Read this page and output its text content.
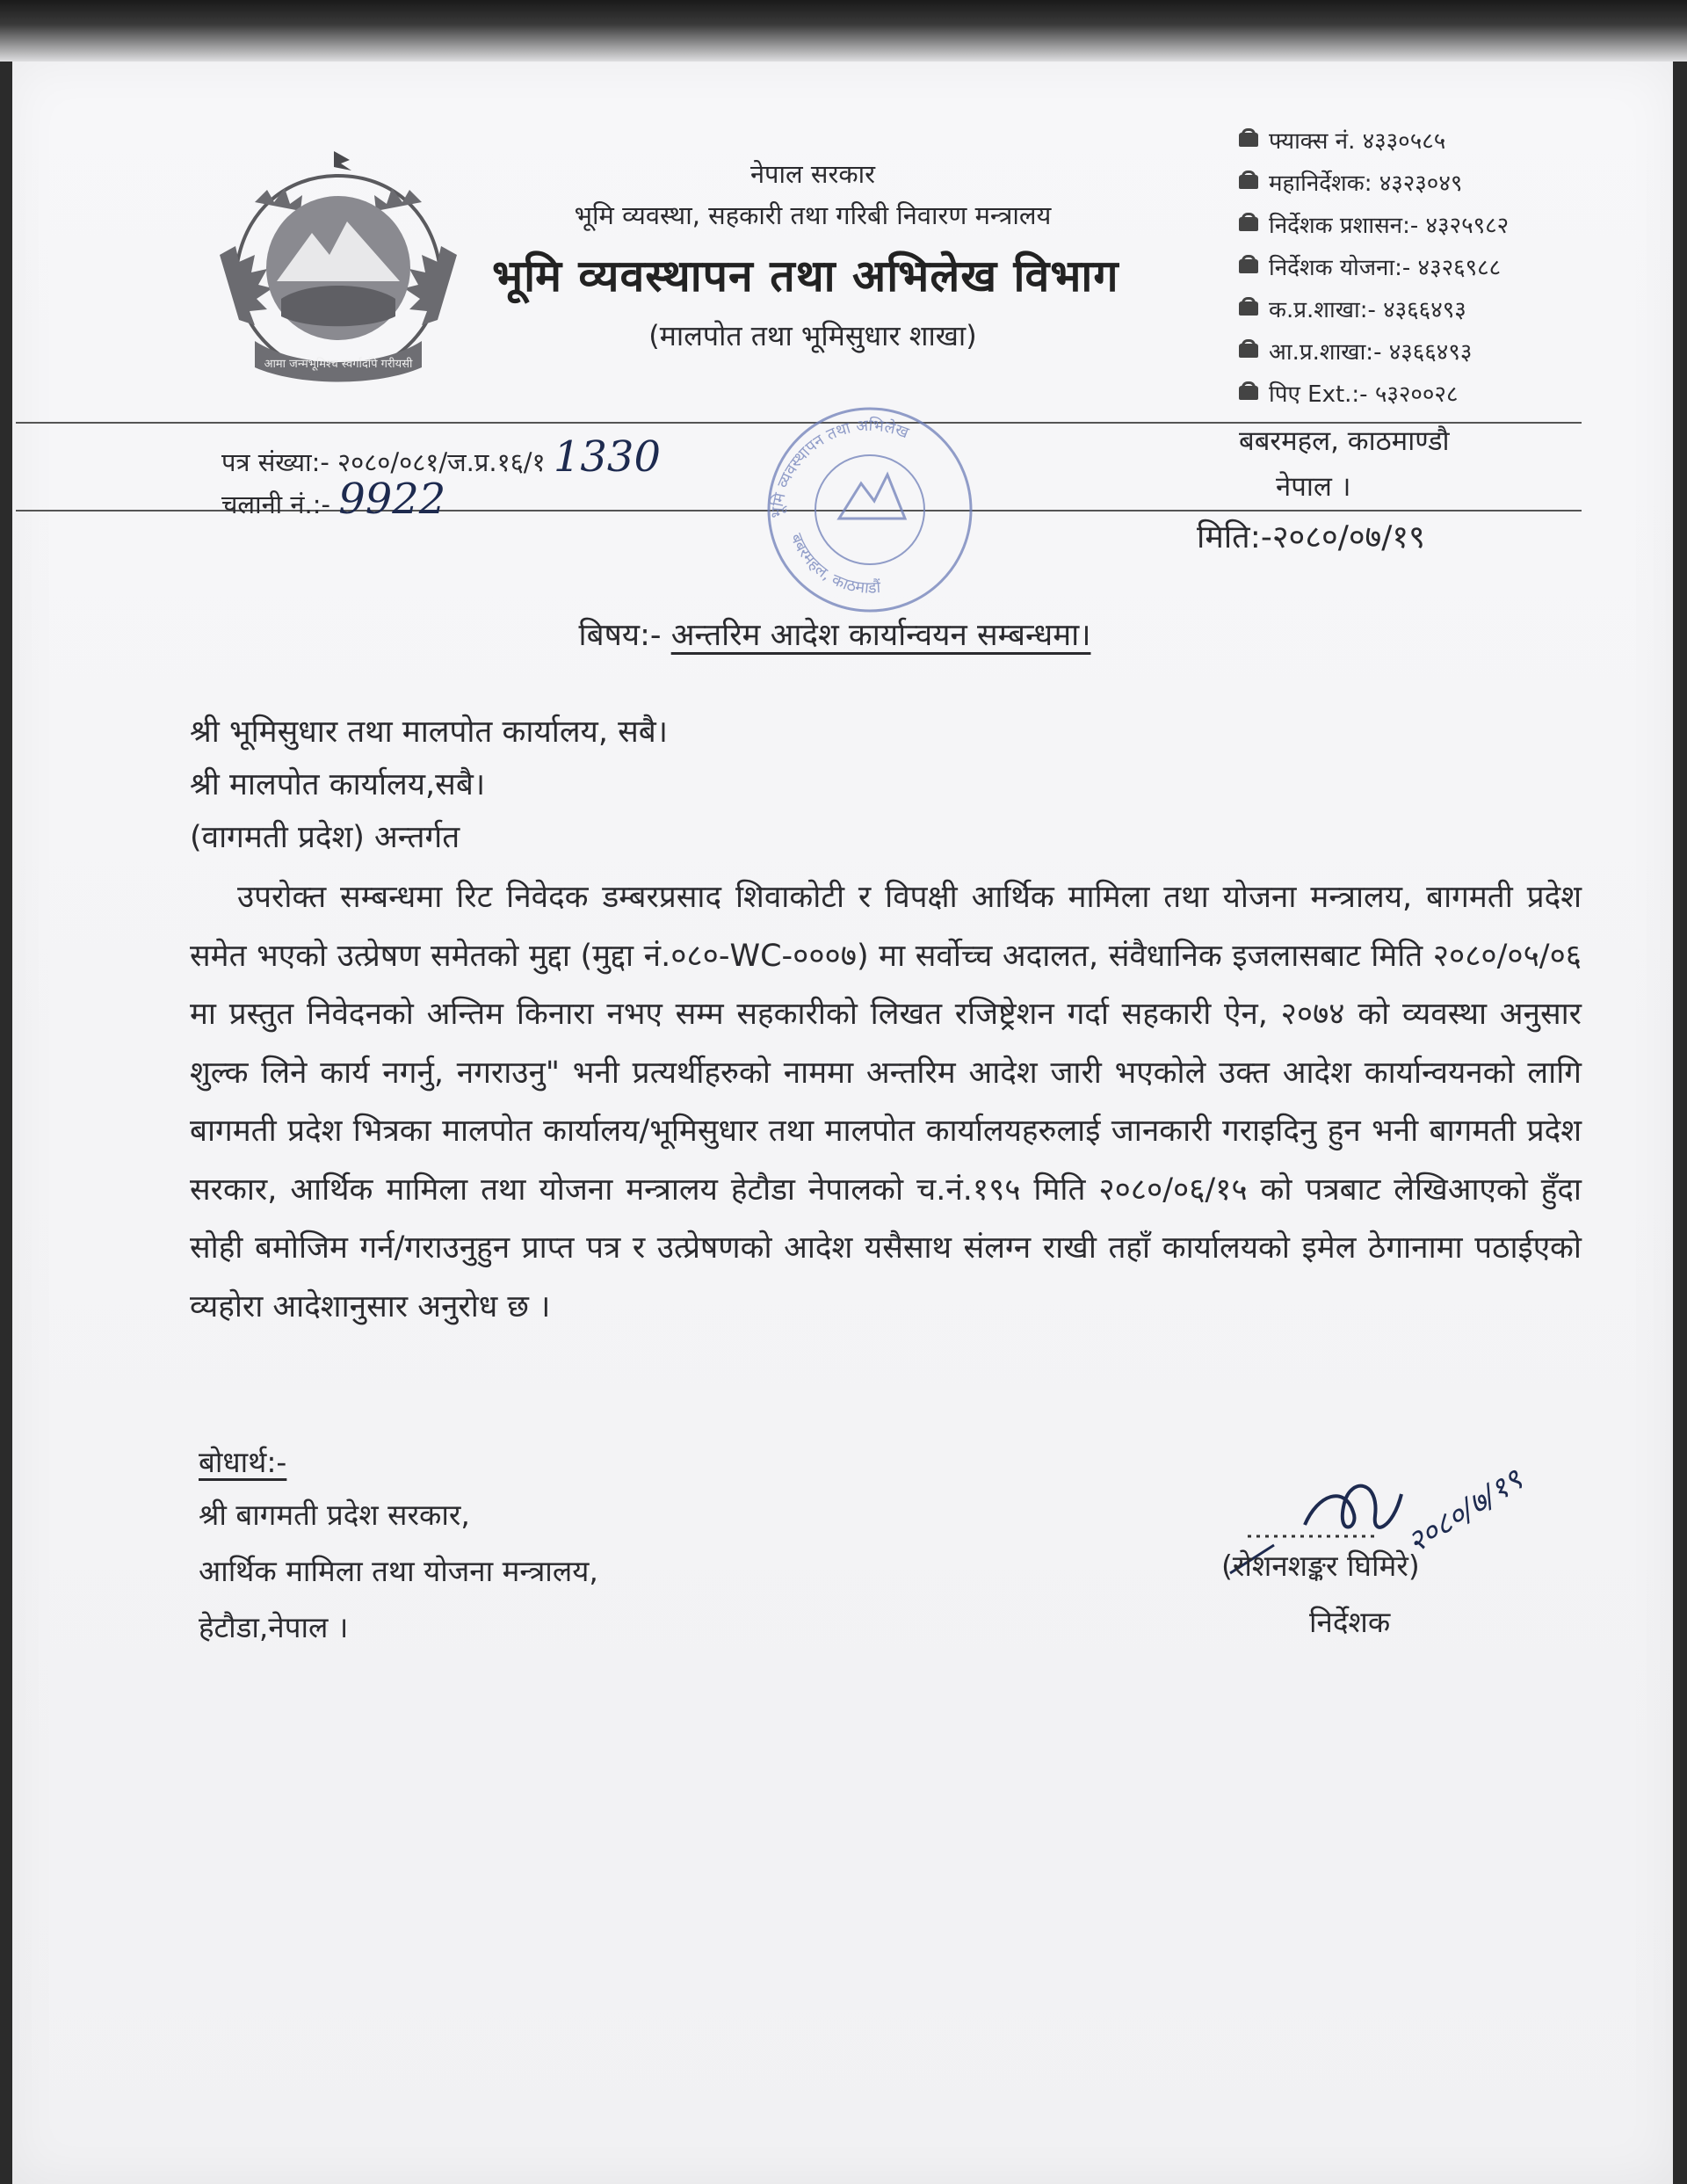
आमा जन्मभूमिश्च स्वर्गादपि गरीयसी
नेपाल सरकार
भूमि व्यवस्था, सहकारी तथा गरिबी निवारण मन्त्रालय
भूमि व्यवस्थापन तथा अभिलेख विभाग
(मालपोत तथा भूमिसुधार शाखा)
फ्याक्स नं. ४३३०५८५
महानिर्देशक: ४३२३०४९
निर्देशक प्रशासन:- ४३२५९८२
निर्देशक योजना:- ४३२६९८८
क.प्र.शाखा:- ४३६६४९३
आ.प्र.शाखा:- ४३६६४९३
पिए Ext.:- ५३२००२८
पत्र संख्या:- २०८०/०८१/ज.प्र.१६/१ 1330
चलानी नं.:- 9922
बबरमहल, काठमाण्डौ
नेपाल ।
मिति:-२०८०/०७/१९
भूमि व्यवस्थापन तथा अभिलेख
बबरमहल, काठमाडौं
बिषय:- अन्तरिम आदेश कार्यान्वयन सम्बन्धमा।
श्री भूमिसुधार तथा मालपोत कार्यालय, सबै।
श्री मालपोत कार्यालय,सबै।
(वागमती प्रदेश) अन्तर्गत
उपरोक्त सम्बन्धमा रिट निवेदक डम्बरप्रसाद शिवाकोटी र विपक्षी आर्थिक मामिला तथा योजना मन्त्रालय, बागमती प्रदेश समेत भएको उत्प्रेषण समेतको मुद्दा (मुद्दा नं.०८०-WC-०००७) मा सर्वोच्च अदालत, संवैधानिक इजलासबाट मिति २०८०/०५/०६ मा प्रस्तुत निवेदनको अन्तिम किनारा नभए सम्म सहकारीको लिखत रजिष्ट्रेशन गर्दा सहकारी ऐन, २०७४ को व्यवस्था अनुसार शुल्क लिने कार्य नगर्नु, नगराउनु" भनी प्रत्यर्थीहरुको नाममा अन्तरिम आदेश जारी भएकोले उक्त आदेश कार्यान्वयनको लागि बागमती प्रदेश भित्रका मालपोत कार्यालय/भूमिसुधार तथा मालपोत कार्यालयहरुलाई जानकारी गराइदिनु हुन भनी बागमती प्रदेश सरकार, आर्थिक मामिला तथा योजना मन्त्रालय हेटौडा नेपालको च.नं.१९५ मिति २०८०/०६/१५ को पत्रबाट लेखिआएको हुँदा सोही बमोजिम गर्न/गराउनुहुन प्राप्त पत्र र उत्प्रेषणको आदेश यसैसाथ संलग्न राखी तहाँ कार्यालयको इमेल ठेगानामा पठाईएको व्यहोरा आदेशानुसार अनुरोध छ ।
बोधार्थ:-
श्री बागमती प्रदेश सरकार,
आर्थिक मामिला तथा योजना मन्त्रालय,
हेटौडा,नेपाल ।
२०८०/७/१९
(रोशनशङ्कर घिमिरे)
निर्देशक
